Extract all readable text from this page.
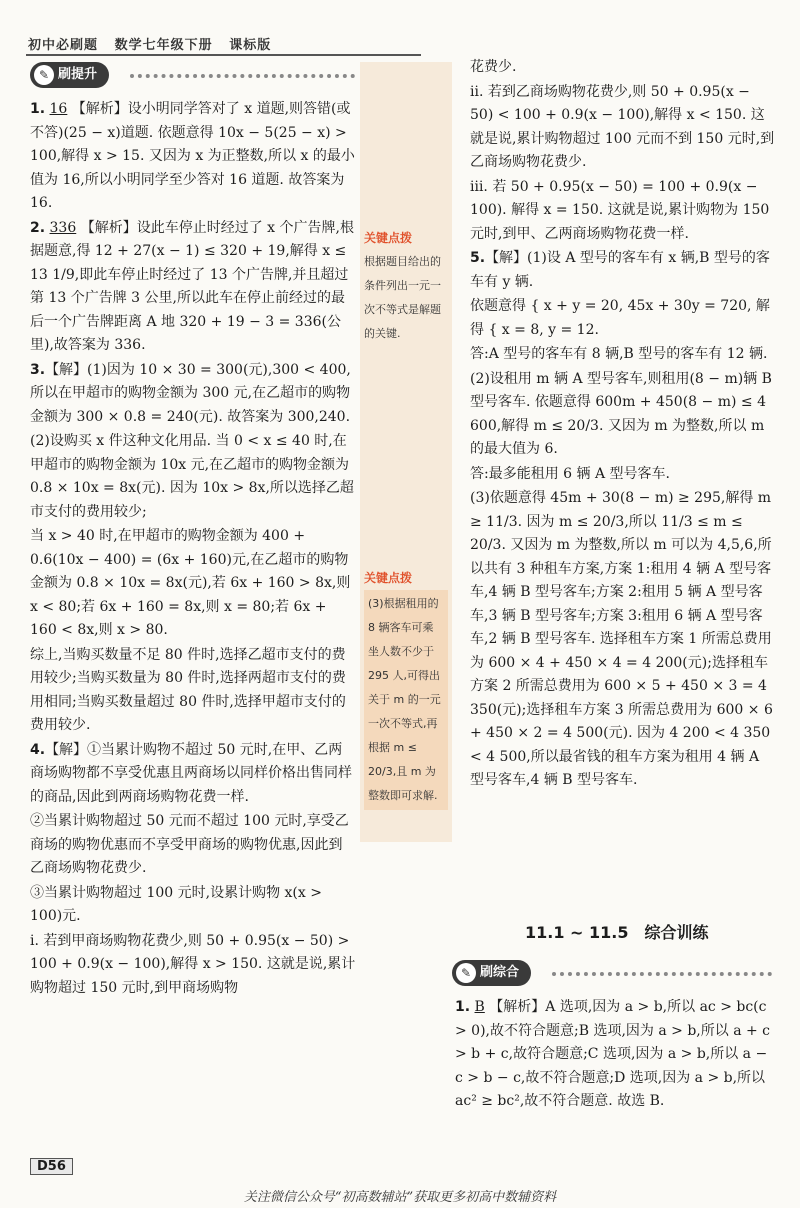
初中必刷题 数学七年级下册 课标版
✎ 刷提升

1. 16 【解析】设小明同学答对了 x 道题,则答错(或不答)(25 − x)道题. 依题意得 10x − 5(25 − x) > 100,解得 x > 15. 又因为 x 为正整数,所以 x 的最小值为 16,所以小明同学至少答对 16 道题. 故答案为 16.

2. 336 【解析】设此车停止时经过了 x 个广告牌,根据题意,得 12 + 27(x − 1) ≤ 320 + 19,解得 x ≤ 13 1/9,即此车停止时经过了 13 个广告牌,并且超过第 13 个广告牌 3 公里,所以此车在停止前经过的最后一个广告牌距离 A 地 320 + 19 − 3 = 336(公里),故答案为 336.

3.【解】(1)因为 10 × 30 = 300(元),300 < 400,所以在甲超市的购物金额为 300 元,在乙超市的购物金额为 300 × 0.8 = 240(元). 故答案为 300,240.

(2)设购买 x 件这种文化用品. 当 0 < x ≤ 40 时,在甲超市的购物金额为 10x 元,在乙超市的购物金额为 0.8 × 10x = 8x(元). 因为 10x > 8x,所以选择乙超市支付的费用较少;

当 x > 40 时,在甲超市的购物金额为 400 + 0.6(10x − 400) = (6x + 160)元,在乙超市的购物金额为 0.8 × 10x = 8x(元),若 6x + 160 > 8x,则 x < 80;若 6x + 160 = 8x,则 x = 80;若 6x + 160 < 8x,则 x > 80.

综上,当购买数量不足 80 件时,选择乙超市支付的费用较少;当购买数量为 80 件时,选择两超市支付的费用相同;当购买数量超过 80 件时,选择甲超市支付的费用较少.

4.【解】①当累计购物不超过 50 元时,在甲、乙两商场购物都不享受优惠且两商场以同样价格出售同样的商品,因此到两商场购物花费一样.

②当累计购物超过 50 元而不超过 100 元时,享受乙商场的购物优惠而不享受甲商场的购物优惠,因此到乙商场购物花费少.

③当累计购物超过 100 元时,设累计购物 x(x > 100)元.

ⅰ. 若到甲商场购物花费少,则 50 + 0.95(x − 50) > 100 + 0.9(x − 100),解得 x > 150. 这就是说,累计购物超过 150 元时,到甲商场购物

关键点拨
根据题目给出的条件列出一元一次不等式是解题的关键.
关键点拨
(3)根据租用的 8 辆客车可乘坐人数不少于 295 人,可得出关于 m 的一元一次不等式,再根据 m ≤ 20/3,且 m 为整数即可求解.

花费少.

ⅱ. 若到乙商场购物花费少,则 50 + 0.95(x − 50) < 100 + 0.9(x − 100),解得 x < 150. 这就是说,累计购物超过 100 元而不到 150 元时,到乙商场购物花费少.

ⅲ. 若 50 + 0.95(x − 50) = 100 + 0.9(x − 100). 解得 x = 150. 这就是说,累计购物为 150 元时,到甲、乙两商场购物花费一样.

5.【解】(1)设 A 型号的客车有 x 辆,B 型号的客车有 y 辆.

依题意得 { x + y = 20, 45x + 30y = 720, 解得 { x = 8, y = 12.

答:A 型号的客车有 8 辆,B 型号的客车有 12 辆.

(2)设租用 m 辆 A 型号客车,则租用(8 − m)辆 B 型号客车. 依题意得 600m + 450(8 − m) ≤ 4 600,解得 m ≤ 20/3. 又因为 m 为整数,所以 m 的最大值为 6.

答:最多能租用 6 辆 A 型号客车.

(3)依题意得 45m + 30(8 − m) ≥ 295,解得 m ≥ 11/3. 因为 m ≤ 20/3,所以 11/3 ≤ m ≤ 20/3. 又因为 m 为整数,所以 m 可以为 4,5,6,所以共有 3 种租车方案,方案 1:租用 4 辆 A 型号客车,4 辆 B 型号客车;方案 2:租用 5 辆 A 型号客车,3 辆 B 型号客车;方案 3:租用 6 辆 A 型号客车,2 辆 B 型号客车. 选择租车方案 1 所需总费用为 600 × 4 + 450 × 4 = 4 200(元);选择租车方案 2 所需总费用为 600 × 5 + 450 × 3 = 4 350(元);选择租车方案 3 所需总费用为 600 × 6 + 450 × 2 = 4 500(元). 因为 4 200 < 4 350 < 4 500,所以最省钱的租车方案为租用 4 辆 A 型号客车,4 辆 B 型号客车.

11.1 ~ 11.5　综合训练
✎ 刷综合

1. B 【解析】A 选项,因为 a > b,所以 ac > bc(c > 0),故不符合题意;B 选项,因为 a > b,所以 a + c > b + c,故符合题意;C 选项,因为 a > b,所以 a − c > b − c,故不符合题意;D 选项,因为 a > b,所以 ac² ≥ bc²,故不符合题意. 故选 B.

D56
关注微信公众号“初高数辅站”获取更多初高中数辅资料
